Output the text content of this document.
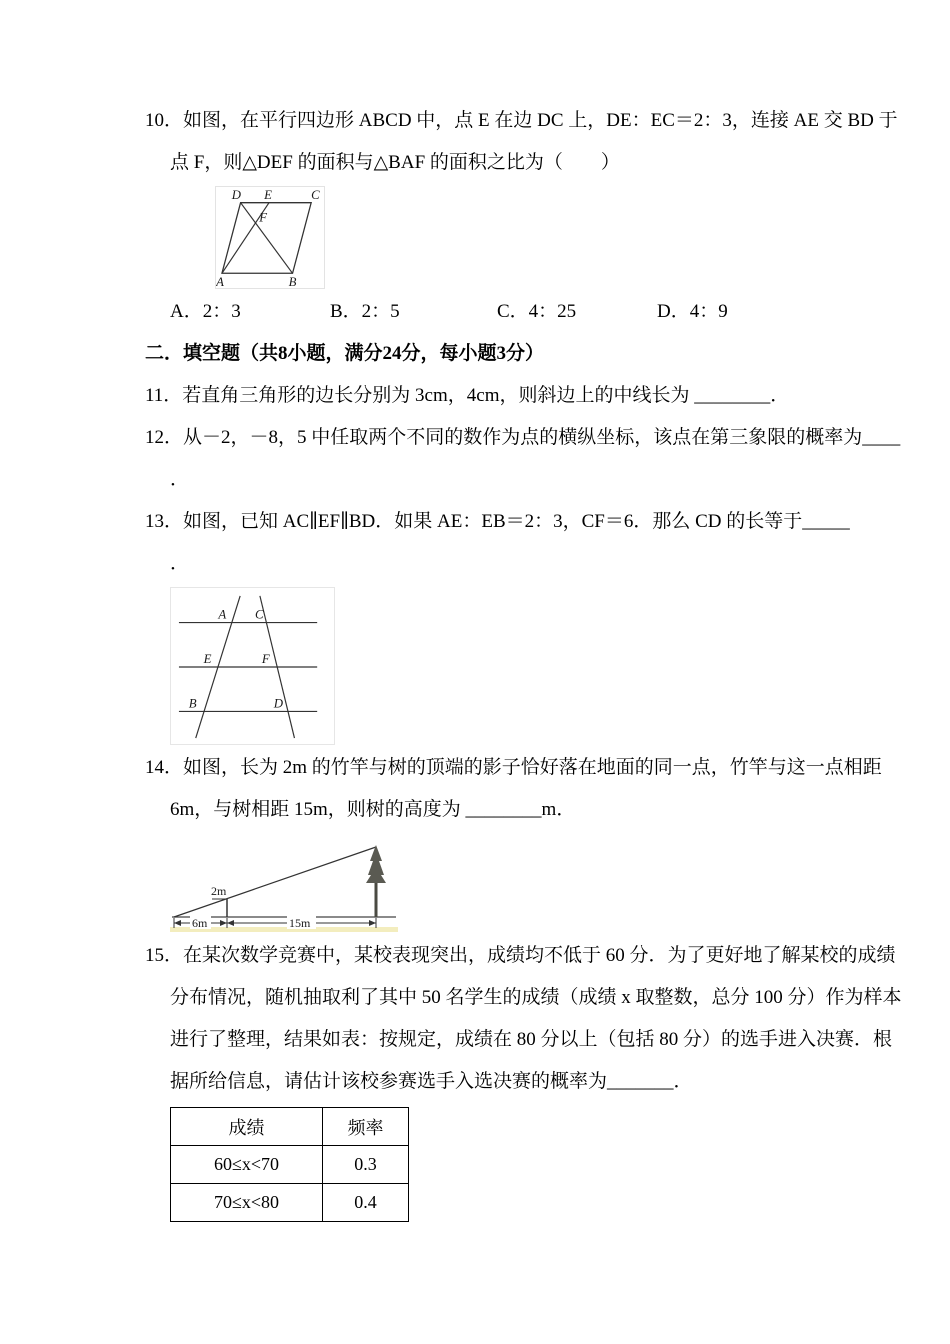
10．如图，在平行四边形 ABCD 中，点 E 在边 DC 上，DE：EC＝2：3，连接 AE 交 BD 于
点 F，则△DEF 的面积与△BAF 的面积之比为（　　）
D E	C
F
A	B
A．2：3	B．2：5	C．4：25	D．4：9
二．填空题（共8小题，满分24分，每小题3分）
11．若直角三角形的边长分别为 3cm，4cm，则斜边上的中线长为 ________．
12．从－2，－8，5 中任取两个不同的数作为点的横纵坐标，该点在第三象限的概率为____
．
13．如图，已知 AC∥EF∥BD．如果 AE：EB＝2：3，CF＝6．那么 CD 的长等于_____
．
A C
E	F
B	D
14．如图，长为 2m 的竹竿与树的顶端的影子恰好落在地面的同一点，竹竿与这一点相距
6m，与树相距 15m，则树的高度为 ________m．
2m
6m	15m
15．在某次数学竞赛中，某校表现突出，成绩均不低于 60 分．为了更好地了解某校的成绩
分布情况，随机抽取利了其中 50 名学生的成绩（成绩 x 取整数，总分 100 分）作为样本
进行了整理，结果如表：按规定，成绩在 80 分以上（包括 80 分）的选手进入决赛．根
据所给信息，请估计该校参赛选手入选决赛的概率为_______．
成绩	频率
60≤x<70	0.3
70≤x<80	0.4
